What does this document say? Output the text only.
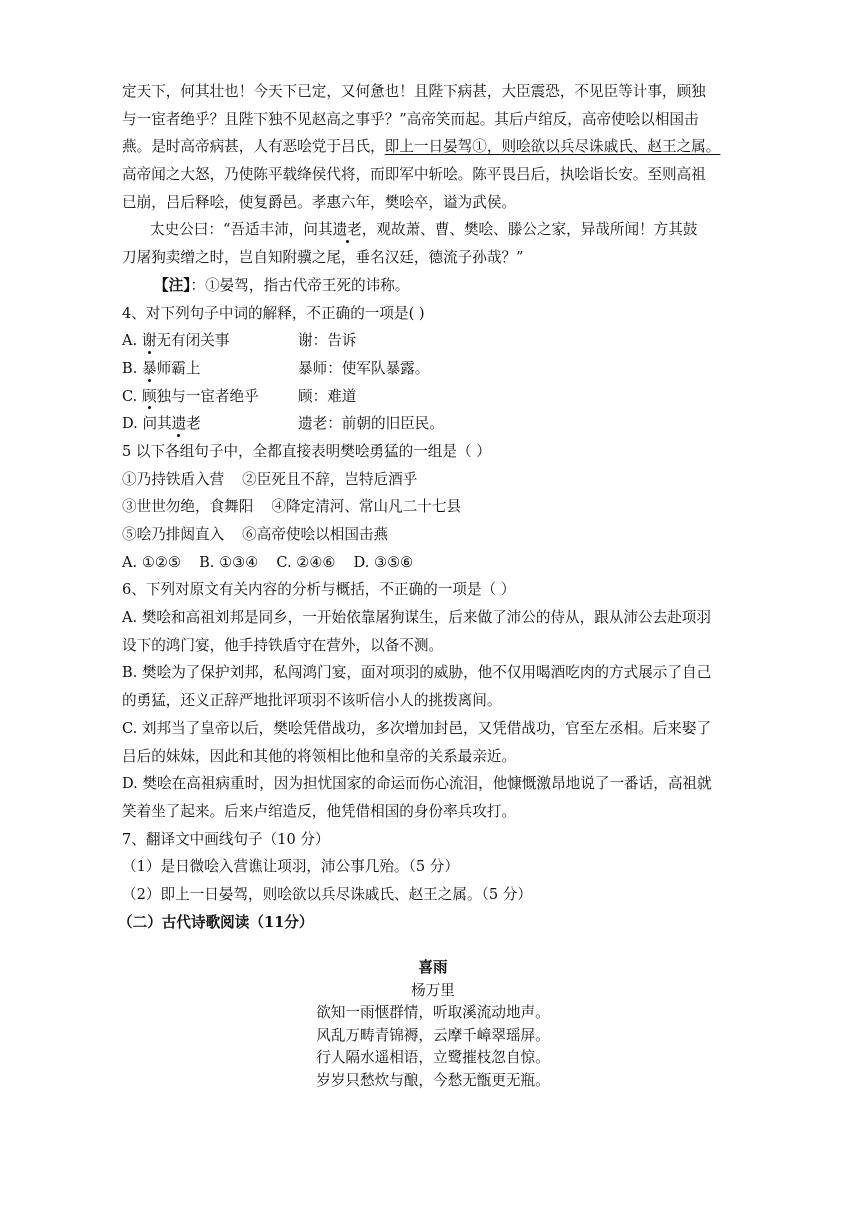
定天下，何其壮也！今天下已定，又何惫也！且陛下病甚，大臣震恐，不见臣等计事，顾独
与一宦者绝乎？且陛下独不见赵高之事乎？”高帝笑而起。其后卢绾反，高帝使哙以相国击
燕。是时高帝病甚，人有恶哙党于吕氏，即上一日晏驾①，则哙欲以兵尽诛戚氏、赵王之属。
高帝闻之大怒，乃使陈平载绛侯代将，而即军中斩哙。陈平畏吕后，执哙诣长安。至则高祖
已崩，吕后释哙，使复爵邑。孝惠六年，樊哙卒，谥为武侯。
太史公曰：“吾适丰沛，问其遗老，观故萧、曹、樊哙、滕公之家，异哉所闻！方其鼓
刀屠狗卖缯之时，岂自知附骥之尾，垂名汉廷，德流子孙哉？”
【注】：①晏驾，指古代帝王死的讳称。
4、对下列句子中词的解释，不正确的一项是( )
A. 谢无有闭关事	谢：告诉
B. 暴师霸上	暴师：使军队暴露。
C. 顾独与一宦者绝乎	顾：难道
D. 问其遗老	遗老：前朝的旧臣民。
5 以下各组句子中，全都直接表明樊哙勇猛的一组是（ ）
①乃持铁盾入营 ②臣死且不辞，岂特卮酒乎
③世世勿绝，食舞阳 ④降定清河、常山凡二十七县
⑤哙乃排闼直入 ⑥高帝使哙以相国击燕
A. ①②⑤ B. ①③④ C. ②④⑥ D. ③⑤⑥
6、下列对原文有关内容的分析与概括，不正确的一项是（ ）
A. 樊哙和高祖刘邦是同乡，一开始依靠屠狗谋生，后来做了沛公的侍从，跟从沛公去赴项羽
设下的鸿门宴，他手持铁盾守在营外，以备不测。
B. 樊哙为了保护刘邦，私闯鸿门宴，面对项羽的威胁，他不仅用喝酒吃肉的方式展示了自己
的勇猛，还义正辞严地批评项羽不该听信小人的挑拨离间。
C. 刘邦当了皇帝以后，樊哙凭借战功，多次增加封邑，又凭借战功，官至左丞相。后来娶了
吕后的妹妹，因此和其他的将领相比他和皇帝的关系最亲近。
D. 樊哙在高祖病重时，因为担忧国家的命运而伤心流泪，他慷慨激昂地说了一番话，高祖就
笑着坐了起来。后来卢绾造反，他凭借相国的身份率兵攻打。
7、翻译文中画线句子（10 分）
（1）是日微哙入营谯让项羽，沛公事几殆。（5 分）
（2）即上一日晏驾，则哙欲以兵尽诛戚氏、赵王之属。（5 分）
（二）古代诗歌阅读（11分）
喜雨
杨万里
欲知一雨惬群情，听取溪流动地声。
风乱万畴青锦褥，云摩千嶂翠瑶屏。
行人隔水遥相语，立鹭摧枝忽自惊。
岁岁只愁炊与酿，今愁无甑更无瓶。
